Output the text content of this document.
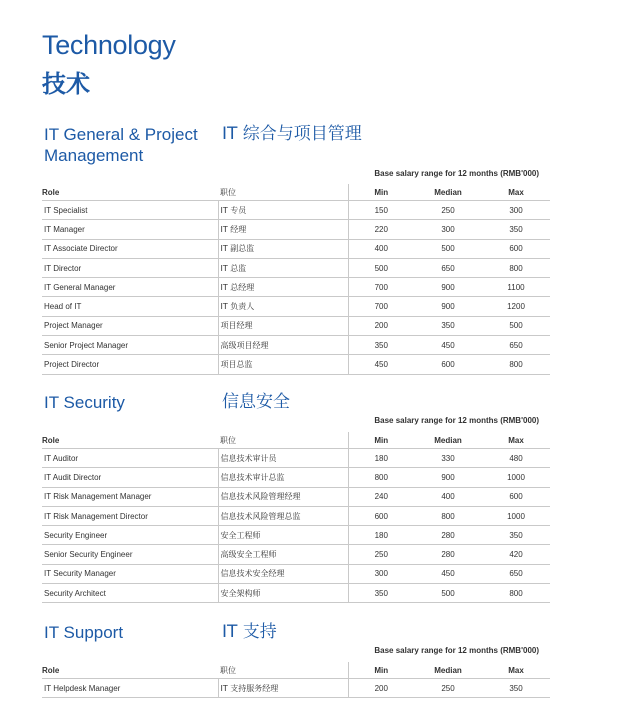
Technology
技术
IT General & Project Management
IT 综合与项目管理
Base salary range for 12 months (RMB'000)
Role	职位	Min	Median	Max
IT Specialist	IT 专员	150	250	300
IT Manager	IT 经理	220	300	350
IT Associate Director	IT 副总监	400	500	600
IT Director	IT 总监	500	650	800
IT General Manager	IT 总经理	700	900	1100
Head of IT	IT 负责人	700	900	1200
Project Manager	项目经理	200	350	500
Senior Project Manager	高级项目经理	350	450	650
Project Director	项目总监	450	600	800
IT Security	信息安全
Base salary range for 12 months (RMB'000)
Role	职位	Min	Median	Max
IT Auditor	信息技术审计员	180	330	480
IT Audit Director	信息技术审计总监	800	900	1000
IT Risk Management Manager	信息技术风险管理经理	240	400	600
IT Risk Management Director	信息技术风险管理总监	600	800	1000
Security Engineer	安全工程师	180	280	350
Senior Security Engineer	高级安全工程师	250	280	420
IT Security Manager	信息技术安全经理	300	450	650
Security Architect	安全架构师	350	500	800
IT Support	IT 支持
Base salary range for 12 months (RMB'000)
Role	职位	Min	Median	Max
IT Helpdesk Manager	IT 支持服务经理	200	250	350
